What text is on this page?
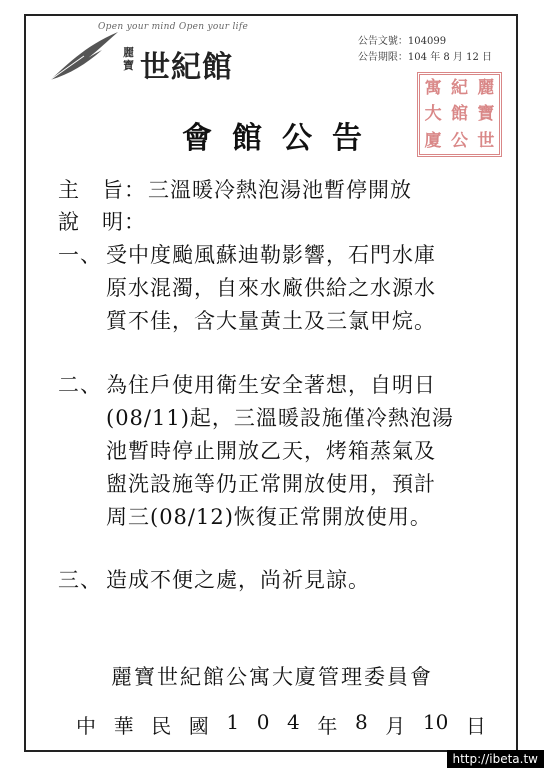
Open your mind Open your life
麗寶 世紀館
公告文號：104099
公告期限：104 年 8 月 12 日
寓 紀 麗
大 館 寶
廈 公 世
會館公告
主　旨： 三溫暖冷熱泡湯池暫停開放
說　明：
一、 受中度颱風蘇迪勒影響，石門水庫
原水混濁，自來水廠供給之水源水
質不佳，含大量黃土及三氯甲烷。
二、 為住戶使用衛生安全著想，自明日
(08/11)起，三溫暖設施僅冷熱泡湯
池暫時停止開放乙天，烤箱蒸氣及
盥洗設施等仍正常開放使用，預計
周三(08/12)恢復正常開放使用。
三、 造成不便之處，尚祈見諒。
麗寶世紀館公寓大廈管理委員會
中 華 民 國 1 0 4 年 8 月 10 日
http://ibeta.tw
